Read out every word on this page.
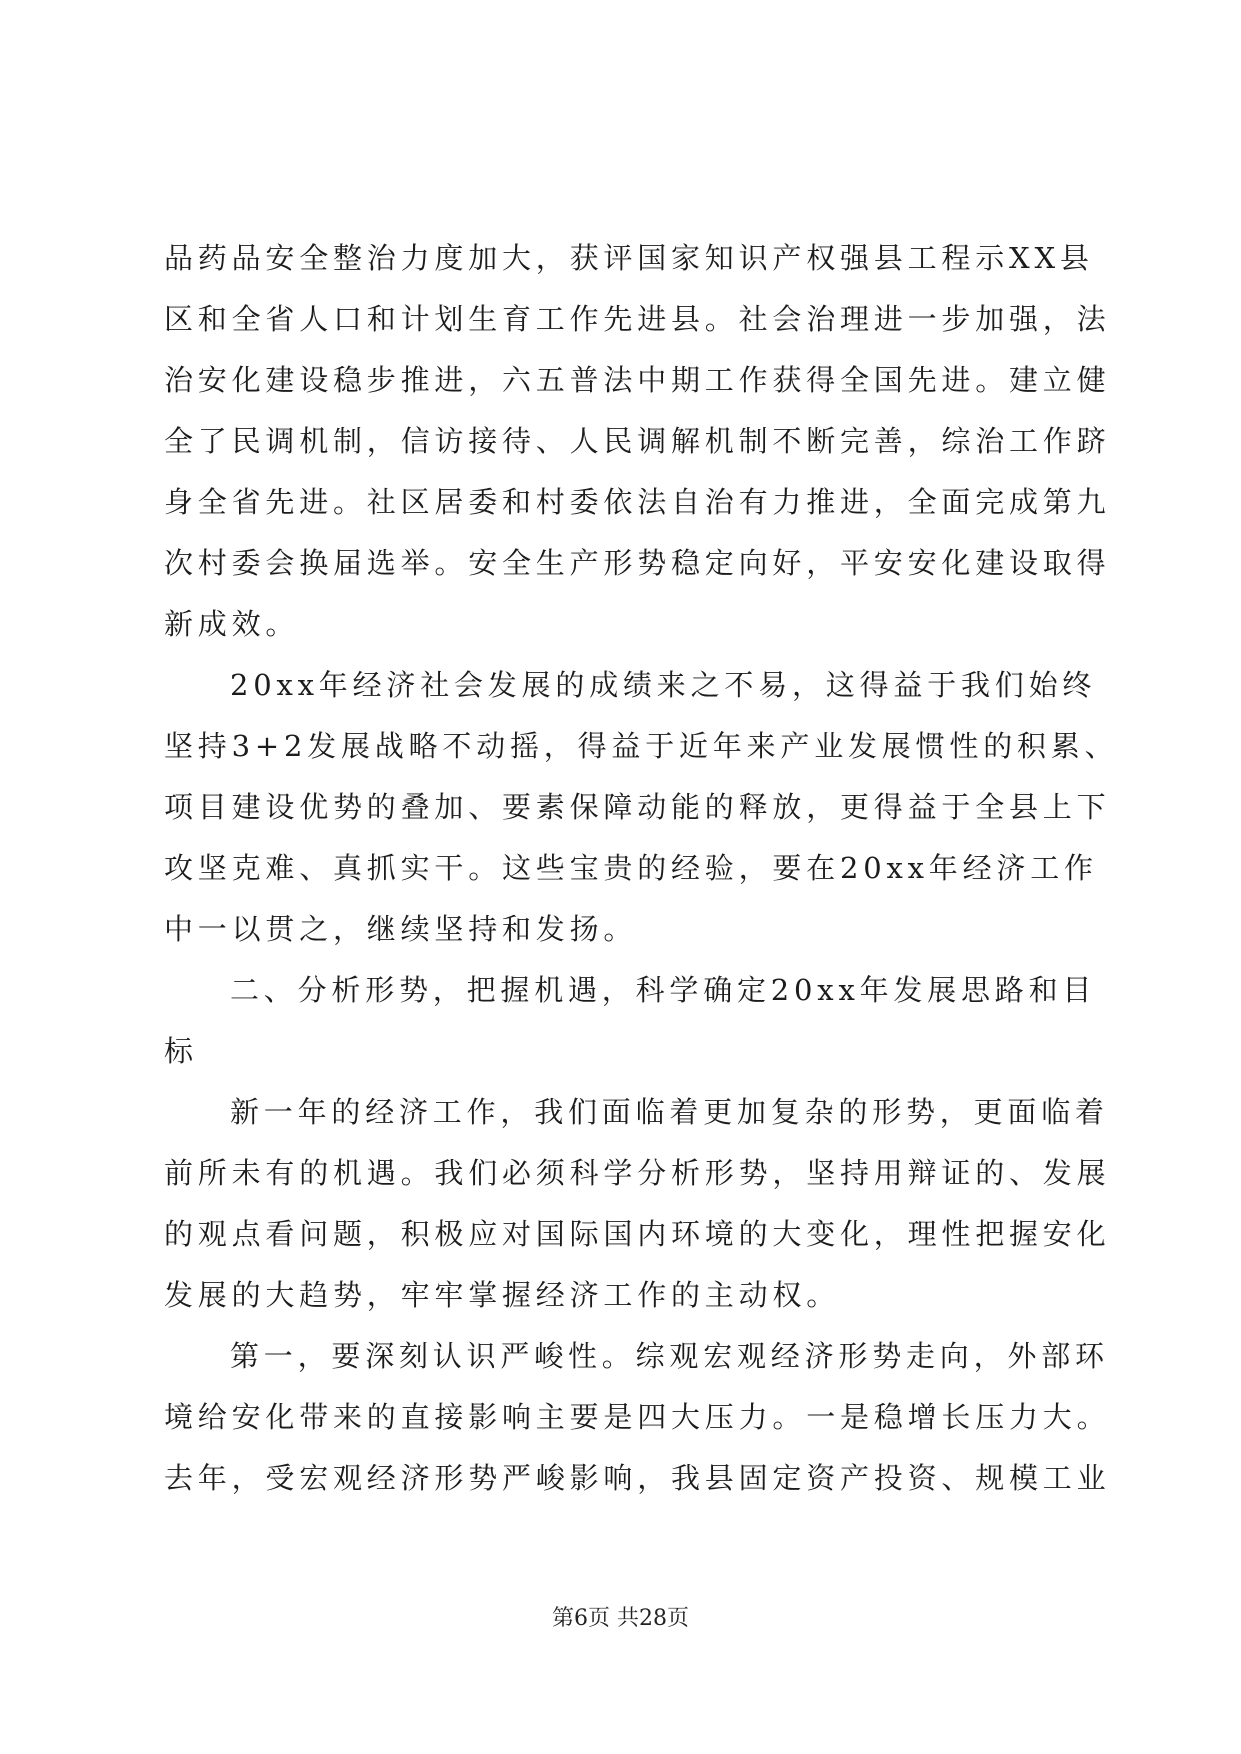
品药品安全整治力度加大，获评国家知识产权强县工程示XX县
区和全省人口和计划生育工作先进县。社会治理进一步加强，法
治安化建设稳步推进，六五普法中期工作获得全国先进。建立健
全了民调机制，信访接待、人民调解机制不断完善，综治工作跻
身全省先进。社区居委和村委依法自治有力推进，全面完成第九
次村委会换届选举。安全生产形势稳定向好，平安安化建设取得
新成效。
20xx年经济社会发展的成绩来之不易，这得益于我们始终
坚持3+2发展战略不动摇，得益于近年来产业发展惯性的积累、
项目建设优势的叠加、要素保障动能的释放，更得益于全县上下
攻坚克难、真抓实干。这些宝贵的经验，要在20xx年经济工作
中一以贯之，继续坚持和发扬。
二、分析形势，把握机遇，科学确定20xx年发展思路和目
标
新一年的经济工作，我们面临着更加复杂的形势，更面临着
前所未有的机遇。我们必须科学分析形势，坚持用辩证的、发展
的观点看问题，积极应对国际国内环境的大变化，理性把握安化
发展的大趋势，牢牢掌握经济工作的主动权。
第一，要深刻认识严峻性。综观宏观经济形势走向，外部环
境给安化带来的直接影响主要是四大压力。一是稳增长压力大。
去年，受宏观经济形势严峻影响，我县固定资产投资、规模工业
第6页 共28页
